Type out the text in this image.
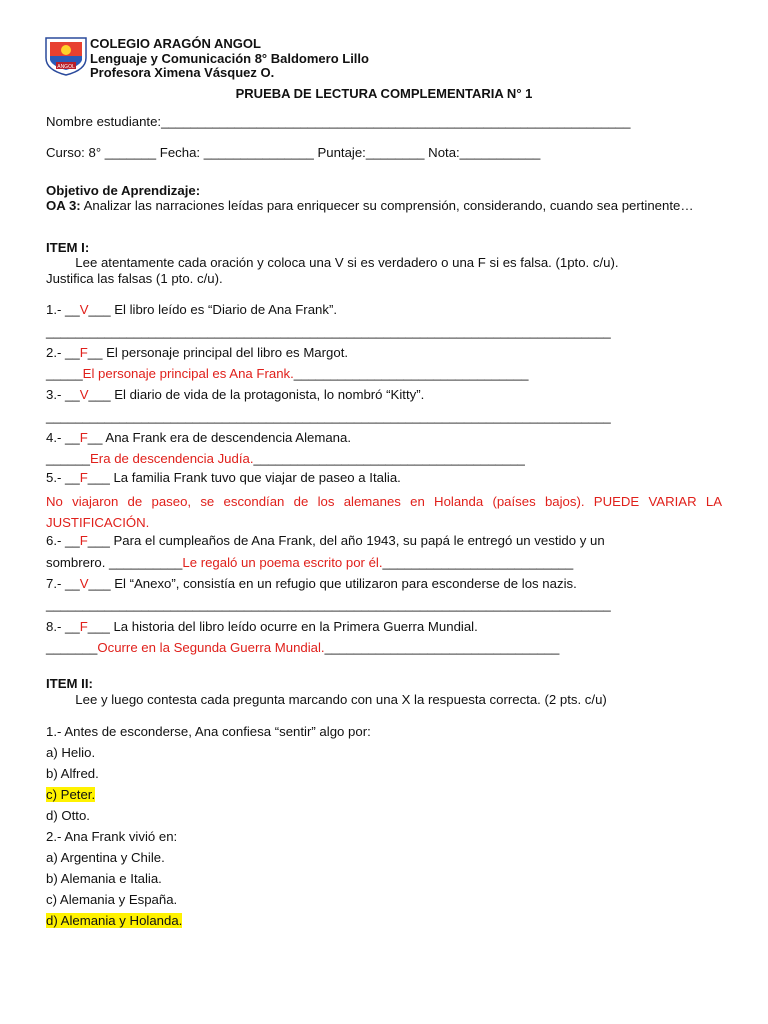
ANGOL
COLEGIO ARAGÓN ANGOL
Lenguaje y Comunicación 8° Baldomero Lillo
Profesora Ximena Vásquez O.
PRUEBA DE LECTURA COMPLEMENTARIA N° 1
Nombre estudiante:________________________________________________________________
Curso: 8° _______ Fecha: _______________ Puntaje:________ Nota:___________
Objetivo de Aprendizaje:
OA 3: Analizar las narraciones leídas para enriquecer su comprensión, considerando, cuando sea pertinente…
ITEM I:
Lee atentamente cada oración y coloca una V si es verdadero o una F si es falsa. (1pto. c/u).
Justifica las falsas (1 pto. c/u).
1.- __V___ El libro leído es “Diario de Ana Frank”.
_____________________________________________________________________________
2.- __F__ El personaje principal del libro es Margot.
_____El personaje principal es Ana Frank.________________________________
3.- __V___ El diario de vida de la protagonista, lo nombró “Kitty”.
_____________________________________________________________________________
4.- __F__ Ana Frank era de descendencia Alemana.
______Era de descendencia Judía._____________________________________
5.- __F___ La familia Frank tuvo que viajar de paseo a Italia.
No viajaron de paseo, se escondían de los alemanes en Holanda (países bajos). PUEDE VARIAR LA JUSTIFICACIÓN.
6.- __F___ Para el cumpleaños de Ana Frank, del año 1943, su papá le entregó un vestido y un
sombrero. __________Le regaló un poema escrito por él.__________________________
7.- __V___ El “Anexo”, consistía en un refugio que utilizaron para esconderse de los nazis.
_____________________________________________________________________________
8.- __F___ La historia del libro leído ocurre en la Primera Guerra Mundial.
_______Ocurre en la Segunda Guerra Mundial.________________________________
ITEM II:
Lee y luego contesta cada pregunta marcando con una X la respuesta correcta. (2 pts. c/u)
1.- Antes de esconderse, Ana confiesa “sentir” algo por:
a) Helio.
b) Alfred.
c) Peter.
d) Otto.
2.- Ana Frank vivió en:
a) Argentina y Chile.
b) Alemania e Italia.
c) Alemania y España.
d) Alemania y Holanda.
